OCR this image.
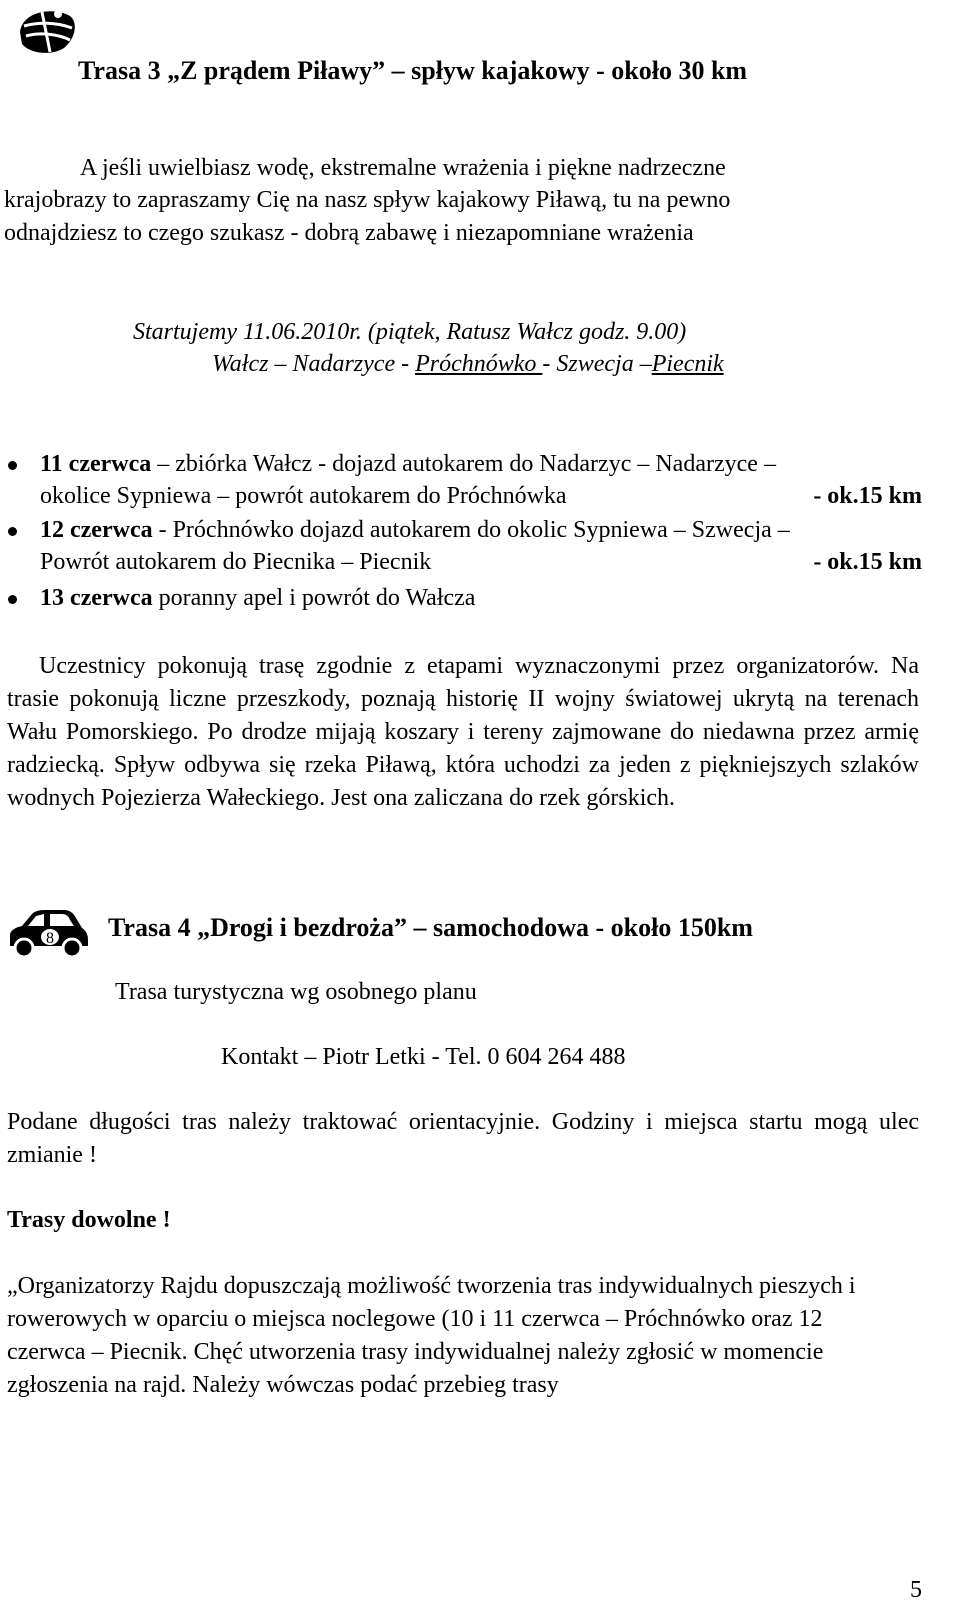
Trasa 3 „Z prądem Piławy” – spływ kajakowy - około 30 km
A jeśli uwielbiasz wodę, ekstremalne wrażenia i piękne nadrzeczne
krajobrazy to zapraszamy Cię na nasz spływ kajakowy Piławą, tu na pewno
odnajdziesz to czego szukasz - dobrą zabawę i niezapomniane wrażenia
Startujemy 11.06.2010r. (piątek, Ratusz Wałcz godz. 9.00)
Wałcz – Nadarzyce - Próchnówko - Szwecja –Piecnik
11 czerwca – zbiórka Wałcz - dojazd autokarem do Nadarzyc – Nadarzyce –
okolice Sypniewa – powrót autokarem do Próchnówka	- ok.15 km
12 czerwca - Próchnówko dojazd autokarem do okolic Sypniewa – Szwecja –
Powrót autokarem do Piecnika – Piecnik	- ok.15 km
13 czerwca poranny apel i powrót do Wałcza
Uczestnicy pokonują trasę zgodnie z etapami wyznaczonymi przez organizatorów. Na trasie pokonują liczne przeszkody, poznają historię II wojny światowej ukrytą na terenach Wału Pomorskiego. Po drodze mijają koszary i tereny zajmowane do niedawna przez armię radziecką. Spływ odbywa się rzeka Piławą, która uchodzi za jeden z piękniejszych szlaków wodnych Pojezierza Wałeckiego. Jest ona zaliczana do rzek górskich.
8 Trasa 4 „Drogi i bezdroża” – samochodowa - około 150km
Trasa turystyczna wg osobnego planu
Kontakt – Piotr Letki - Tel. 0 604 264 488
Podane długości tras należy traktować orientacyjnie. Godziny i miejsca startu mogą ulec zmianie !
Trasy dowolne !
„Organizatorzy Rajdu dopuszczają możliwość tworzenia tras indywidualnych pieszych i rowerowych w oparciu o miejsca noclegowe (10 i 11 czerwca – Próchnówko oraz 12 czerwca – Piecnik. Chęć utworzenia trasy indywidualnej należy zgłosić w momencie zgłoszenia na rajd. Należy wówczas podać przebieg trasy
5
